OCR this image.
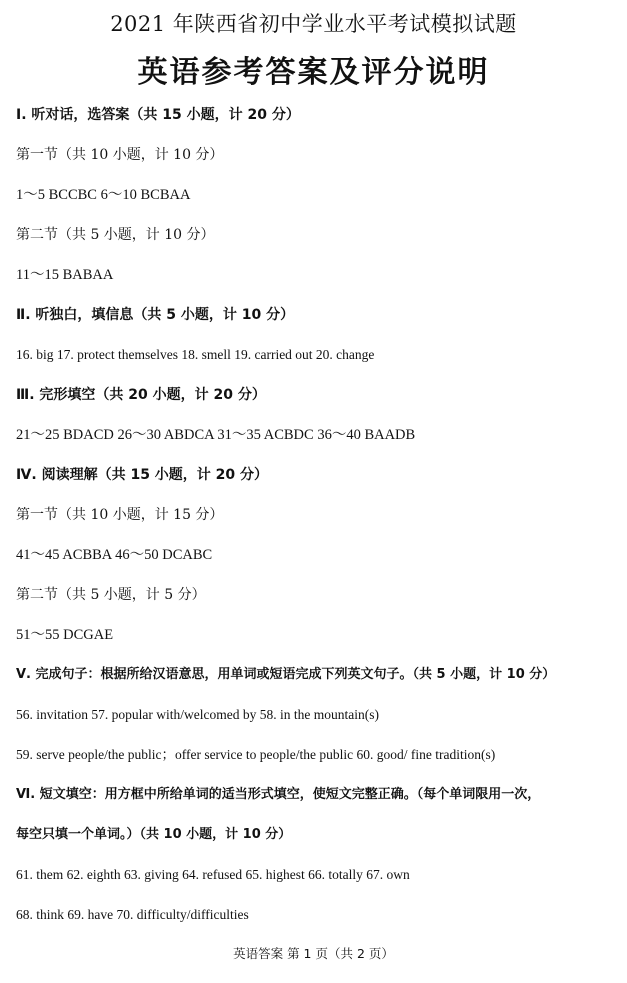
2021 年陕西省初中学业水平考试模拟试题
英语参考答案及评分说明
Ⅰ. 听对话，选答案（共 15 小题，计 20 分）
第一节（共 10 小题，计 10 分）
1～5 BCCBC 6～10 BCBAA
第二节（共 5 小题，计 10 分）
11～15 BABAA
Ⅱ. 听独白，填信息（共 5 小题，计 10 分）
16. big 17. protect themselves 18. smell 19. carried out 20. change
Ⅲ. 完形填空（共 20 小题，计 20 分）
21～25 BDACD 26～30 ABDCA 31～35 ACBDC 36～40 BAADB
Ⅳ. 阅读理解（共 15 小题，计 20 分）
第一节（共 10 小题，计 15 分）
41～45 ACBBA 46～50 DCABC
第二节（共 5 小题，计 5 分）
51～55 DCGAE
Ⅴ. 完成句子：根据所给汉语意思，用单词或短语完成下列英文句子。（共 5 小题，计 10 分）
56. invitation 57. popular with/welcomed by 58. in the mountain(s)
59. serve people/the public；offer service to people/the public 60. good/ fine tradition(s)
Ⅵ. 短文填空：用方框中所给单词的适当形式填空，使短文完整正确。（每个单词限用一次，
每空只填一个单词。）（共 10 小题，计 10 分）
61. them 62. eighth 63. giving 64. refused 65. highest 66. totally 67. own
68. think 69. have 70. difficulty/difficulties
英语答案 第 1 页（共 2 页）
